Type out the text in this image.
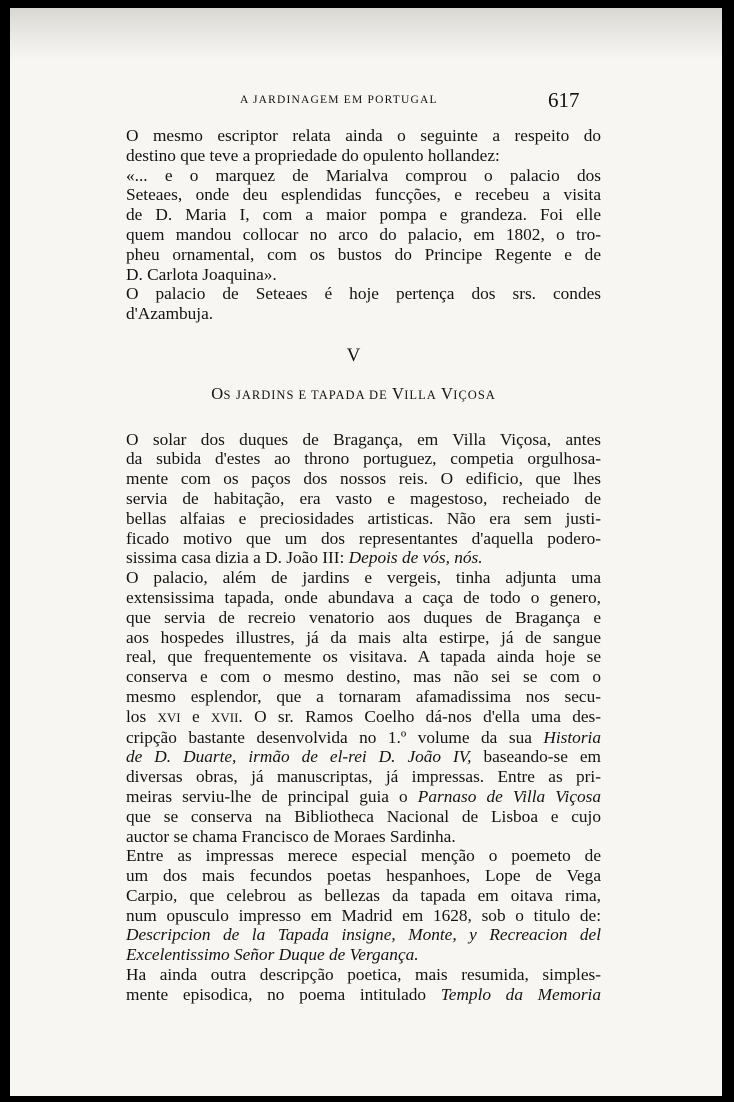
A JARDINAGEM EM PORTUGAL	617

O mesmo escriptor relata ainda o seguinte a respeito do
destino que teve a propriedade do opulento hollandez:

«... e o marquez de Marialva comprou o palacio dos
Seteaes, onde deu esplendidas funcções, e recebeu a visita
de D. Maria I, com a maior pompa e grandeza. Foi elle
quem mandou collocar no arco do palacio, em 1802, o tro-
pheu ornamental, com os bustos do Principe Regente e de
D. Carlota Joaquina».

O palacio de Seteaes é hoje pertença dos srs. condes
d'Azambuja.

V
OS JARDINS E TAPADA DE VILLA VIÇOSA

O solar dos duques de Bragança, em Villa Viçosa, antes
da subida d'estes ao throno portuguez, competia orgulhosa-
mente com os paços dos nossos reis. O edificio, que lhes
servia de habitação, era vasto e magestoso, recheiado de
bellas alfaias e preciosidades artisticas. Não era sem justi-
ficado motivo que um dos representantes d'aquella podero-
sissima casa dizia a D. João III: Depois de vós, nós.

O palacio, além de jardins e vergeis, tinha adjunta uma
extensissima tapada, onde abundava a caça de todo o genero,
que servia de recreio venatorio aos duques de Bragança e
aos hospedes illustres, já da mais alta estirpe, já de sangue
real, que frequentemente os visitava. A tapada ainda hoje se
conserva e com o mesmo destino, mas não sei se com o
mesmo esplendor, que a tornaram afamadissima nos secu-
los XVI e XVII. O sr. Ramos Coelho dá-nos d'ella uma des-
cripção bastante desenvolvida no 1.º volume da sua Historia
de D. Duarte, irmão de el-rei D. João IV, baseando-se em
diversas obras, já manuscriptas, já impressas. Entre as pri-
meiras serviu-lhe de principal guia o Parnaso de Villa Viçosa
que se conserva na Bibliotheca Nacional de Lisboa e cujo
auctor se chama Francisco de Moraes Sardinha.

Entre as impressas merece especial menção o poemeto de
um dos mais fecundos poetas hespanhoes, Lope de Vega
Carpio, que celebrou as bellezas da tapada em oitava rima,
num opusculo impresso em Madrid em 1628, sob o titulo de:
Descripcion de la Tapada insigne, Monte, y Recreacion del
Excelentissimo Señor Duque de Vergança.

Ha ainda outra descripção poetica, mais resumida, simples-
mente episodica, no poema intitulado Templo da Memoria
